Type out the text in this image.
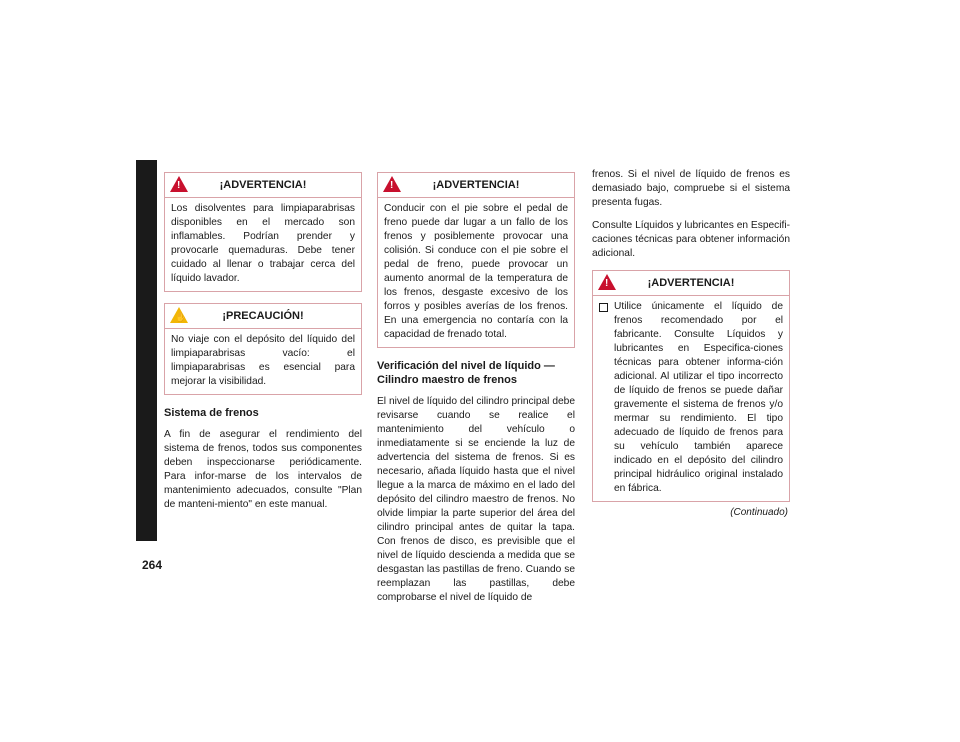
SERVICIO Y MANTENIMIENTO
264
!	¡ADVERTENCIA!
Los disolventes para limpiaparabrisas disponibles en el mercado son inflamables. Podrían prender y provocarle quemaduras. Debe tener cuidado al llenar o trabajar cerca del líquido lavador.
✋	¡PRECAUCIÓN!
No viaje con el depósito del líquido del limpiaparabrisas vacío: el limpiaparabrisas es esencial para mejorar la visibilidad.
Sistema de frenos
A fin de asegurar el rendimiento del sistema de frenos, todos sus componentes deben inspeccionarse periódicamente. Para infor-marse de los intervalos de mantenimiento adecuados, consulte "Plan de manteni-miento" en este manual.
!	¡ADVERTENCIA!
Conducir con el pie sobre el pedal de freno puede dar lugar a un fallo de los frenos y posiblemente provocar una colisión. Si conduce con el pie sobre el pedal de freno, puede provocar un aumento anormal de la temperatura de los frenos, desgaste excesivo de los forros y posibles averías de los frenos. En una emergencia no contaría con la capacidad de frenado total.
Verificación del nivel de líquido — Cilindro maestro de frenos
El nivel de líquido del cilindro principal debe revisarse cuando se realice el mantenimiento del vehículo o inmediatamente si se enciende la luz de advertencia del sistema de frenos. Si es necesario, añada líquido hasta que el nivel llegue a la marca de máximo en el lado del depósito del cilindro maestro de frenos. No olvide limpiar la parte superior del área del cilindro principal antes de quitar la tapa. Con frenos de disco, es previsible que el nivel de líquido descienda a medida que se desgastan las pastillas de freno. Cuando se reemplazan las pastillas, debe comprobarse el nivel de líquido de
frenos. Si el nivel de líquido de frenos es demasiado bajo, compruebe si el sistema presenta fugas.
Consulte Líquidos y lubricantes en Especifi-caciones técnicas para obtener información adicional.
!	¡ADVERTENCIA!
Utilice únicamente el líquido de frenos recomendado por el fabricante. Consulte Líquidos y lubricantes en Especifica-ciones técnicas para obtener informa-ción adicional. Al utilizar el tipo incorrecto de líquido de frenos se puede dañar gravemente el sistema de frenos y/o mermar su rendimiento. El tipo adecuado de líquido de frenos para su vehículo también aparece indicado en el depósito del cilindro principal hidráulico original instalado en fábrica.
(Continuado)
